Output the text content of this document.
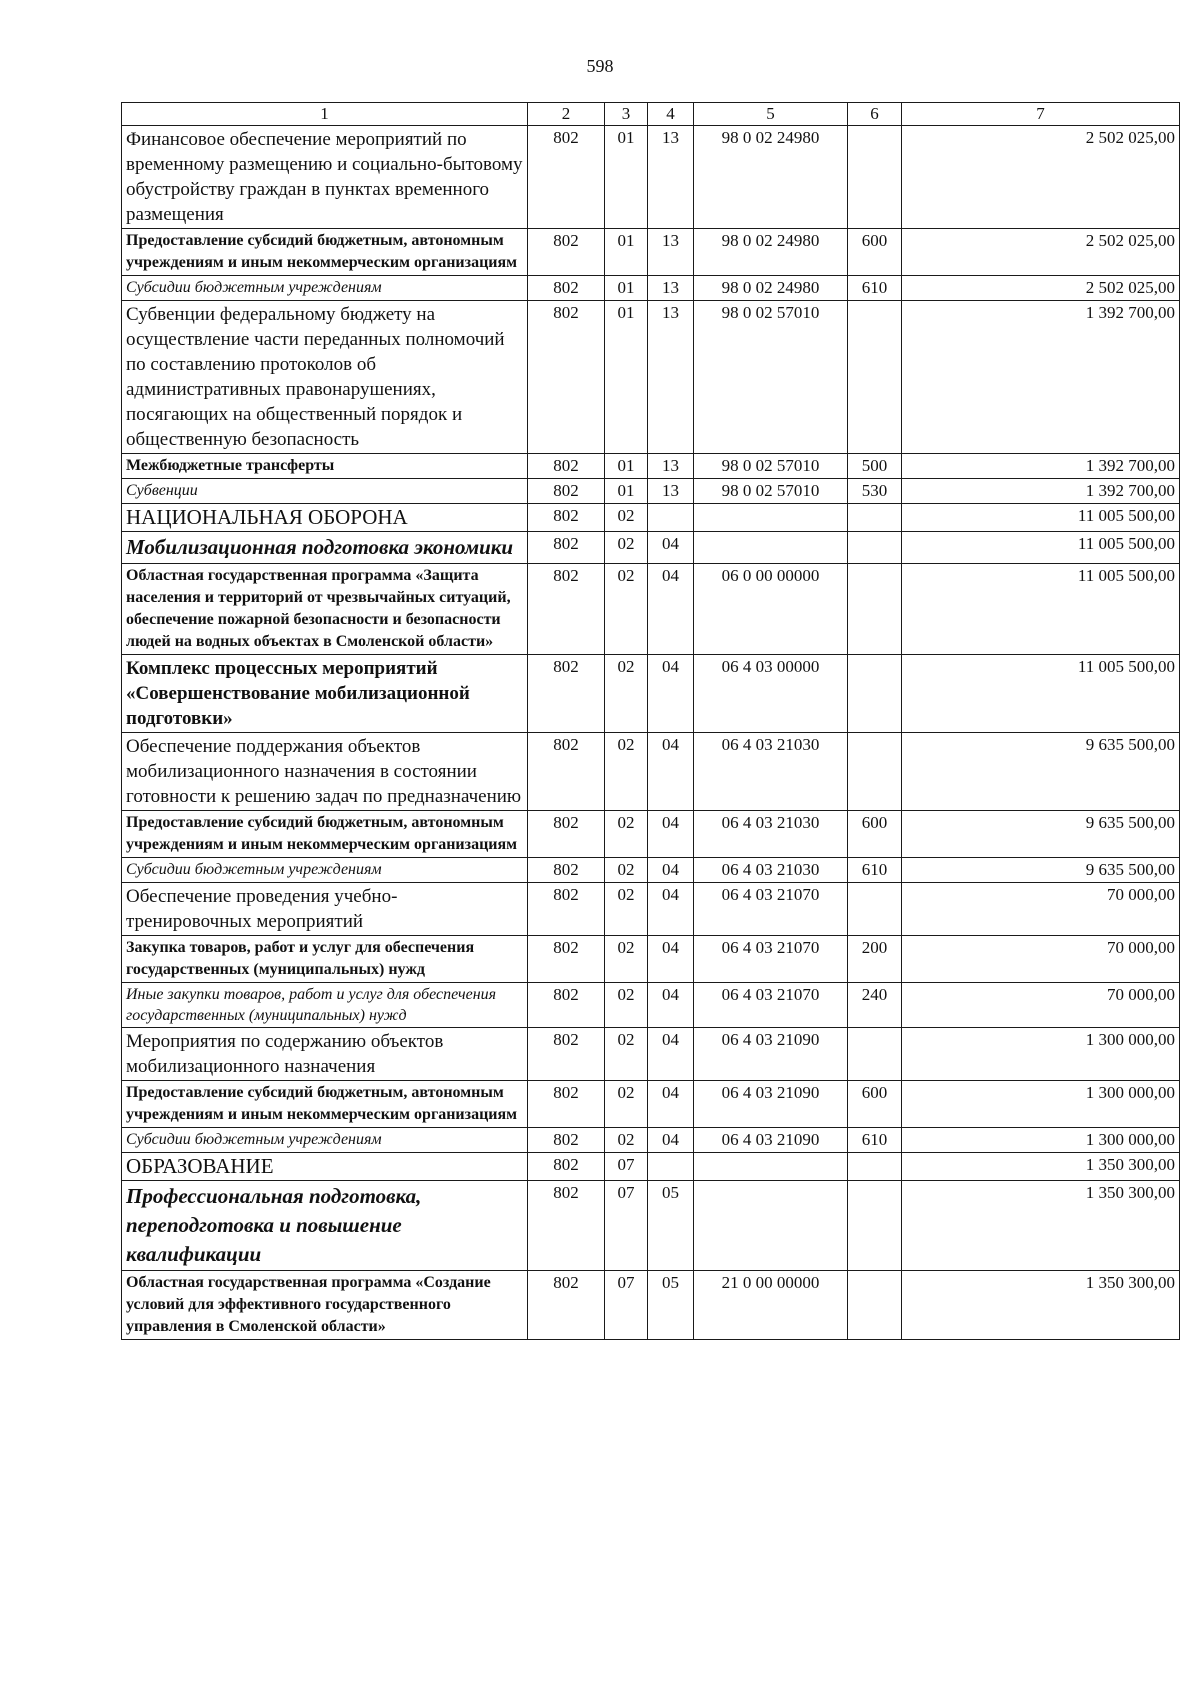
598
1	2	3	4	5	6	7
Финансовое обеспечение мероприятий по временному размещению и социально-бытовому обустройству граждан в пунктах временного размещения	802	01	13	98 0 02 24980		2 502 025,00
Предоставление субсидий бюджетным, автономным учреждениям и иным некоммерческим организациям	802	01	13	98 0 02 24980	600	2 502 025,00
Субсидии бюджетным учреждениям	802	01	13	98 0 02 24980	610	2 502 025,00
Субвенции федеральному бюджету на осуществление части переданных полномочий по составлению протоколов об административных правонарушениях, посягающих на общественный порядок и общественную безопасность	802	01	13	98 0 02 57010		1 392 700,00
Межбюджетные трансферты	802	01	13	98 0 02 57010	500	1 392 700,00
Субвенции	802	01	13	98 0 02 57010	530	1 392 700,00
НАЦИОНАЛЬНАЯ ОБОРОНА	802	02				11 005 500,00
Мобилизационная подготовка экономики	802	02	04			11 005 500,00
Областная государственная программа «Защита населения и территорий от чрезвычайных ситуаций, обеспечение пожарной безопасности и безопасности людей на водных объектах в Смоленской области»	802	02	04	06 0 00 00000		11 005 500,00
Комплекс процессных мероприятий «Совершенствование мобилизационной подготовки»	802	02	04	06 4 03 00000		11 005 500,00
Обеспечение поддержания объектов мобилизационного назначения в состоянии готовности к решению задач по предназначению	802	02	04	06 4 03 21030		9 635 500,00
Предоставление субсидий бюджетным, автономным учреждениям и иным некоммерческим организациям	802	02	04	06 4 03 21030	600	9 635 500,00
Субсидии бюджетным учреждениям	802	02	04	06 4 03 21030	610	9 635 500,00
Обеспечение проведения учебно-тренировочных мероприятий	802	02	04	06 4 03 21070		70 000,00
Закупка товаров, работ и услуг для обеспечения государственных (муниципальных) нужд	802	02	04	06 4 03 21070	200	70 000,00
Иные закупки товаров, работ и услуг для обеспечения государственных (муниципальных) нужд	802	02	04	06 4 03 21070	240	70 000,00
Мероприятия по содержанию объектов мобилизационного назначения	802	02	04	06 4 03 21090		1 300 000,00
Предоставление субсидий бюджетным, автономным учреждениям и иным некоммерческим организациям	802	02	04	06 4 03 21090	600	1 300 000,00
Субсидии бюджетным учреждениям	802	02	04	06 4 03 21090	610	1 300 000,00
ОБРАЗОВАНИЕ	802	07				1 350 300,00
Профессиональная подготовка, переподготовка и повышение квалификации	802	07	05			1 350 300,00
Областная государственная программа «Создание условий для эффективного государственного управления в Смоленской области»	802	07	05	21 0 00 00000		1 350 300,00
